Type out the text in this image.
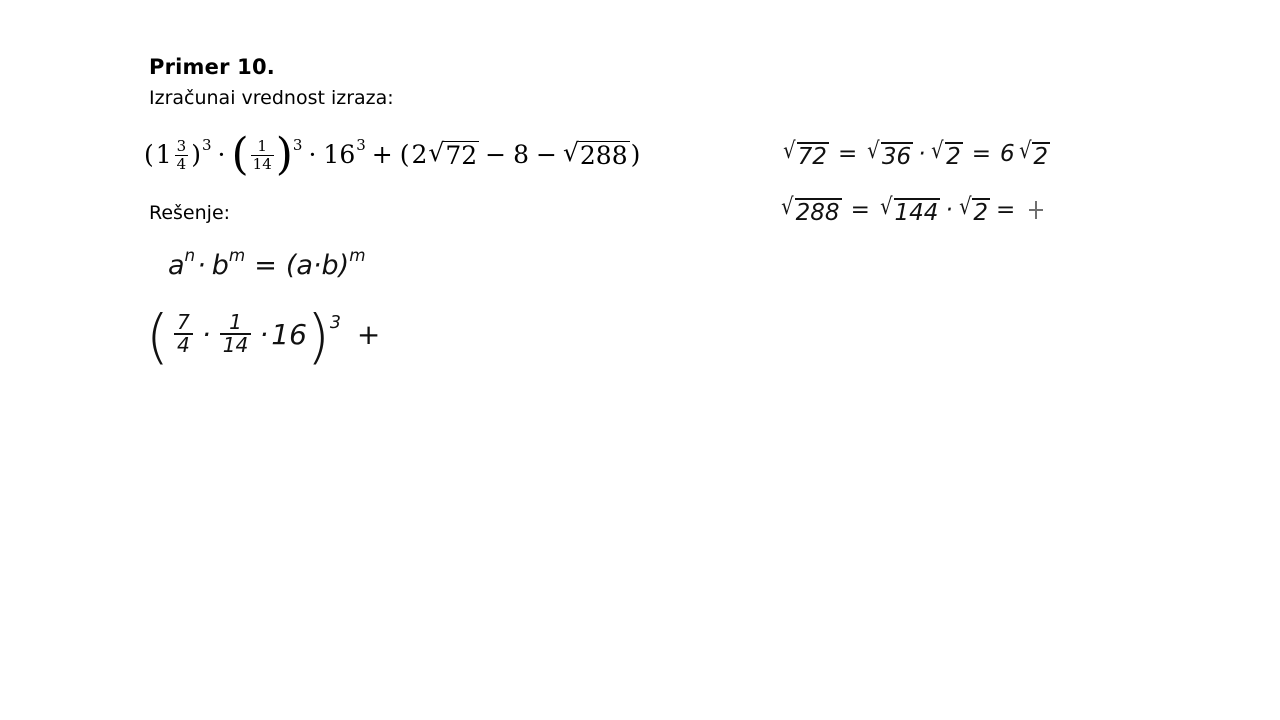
Primer 10.
Izračunai vrednost izraza:
( $1 \frac{3}{4}$ ) 3 · ( $\frac{1}{14}$ ) 3 · 16 3 + ( 2 √ 72 − 8 − √ 288 )
Rešenje:
a n · b m = ( a·b ) m
( $\frac{7}{4} \cdot \frac{1}{14} \cdot 16$ ) 3 +
√ 72 = √ 36 · √ 2 = 6 √ 2
√ 288 = √ 144 · √ 2 =
